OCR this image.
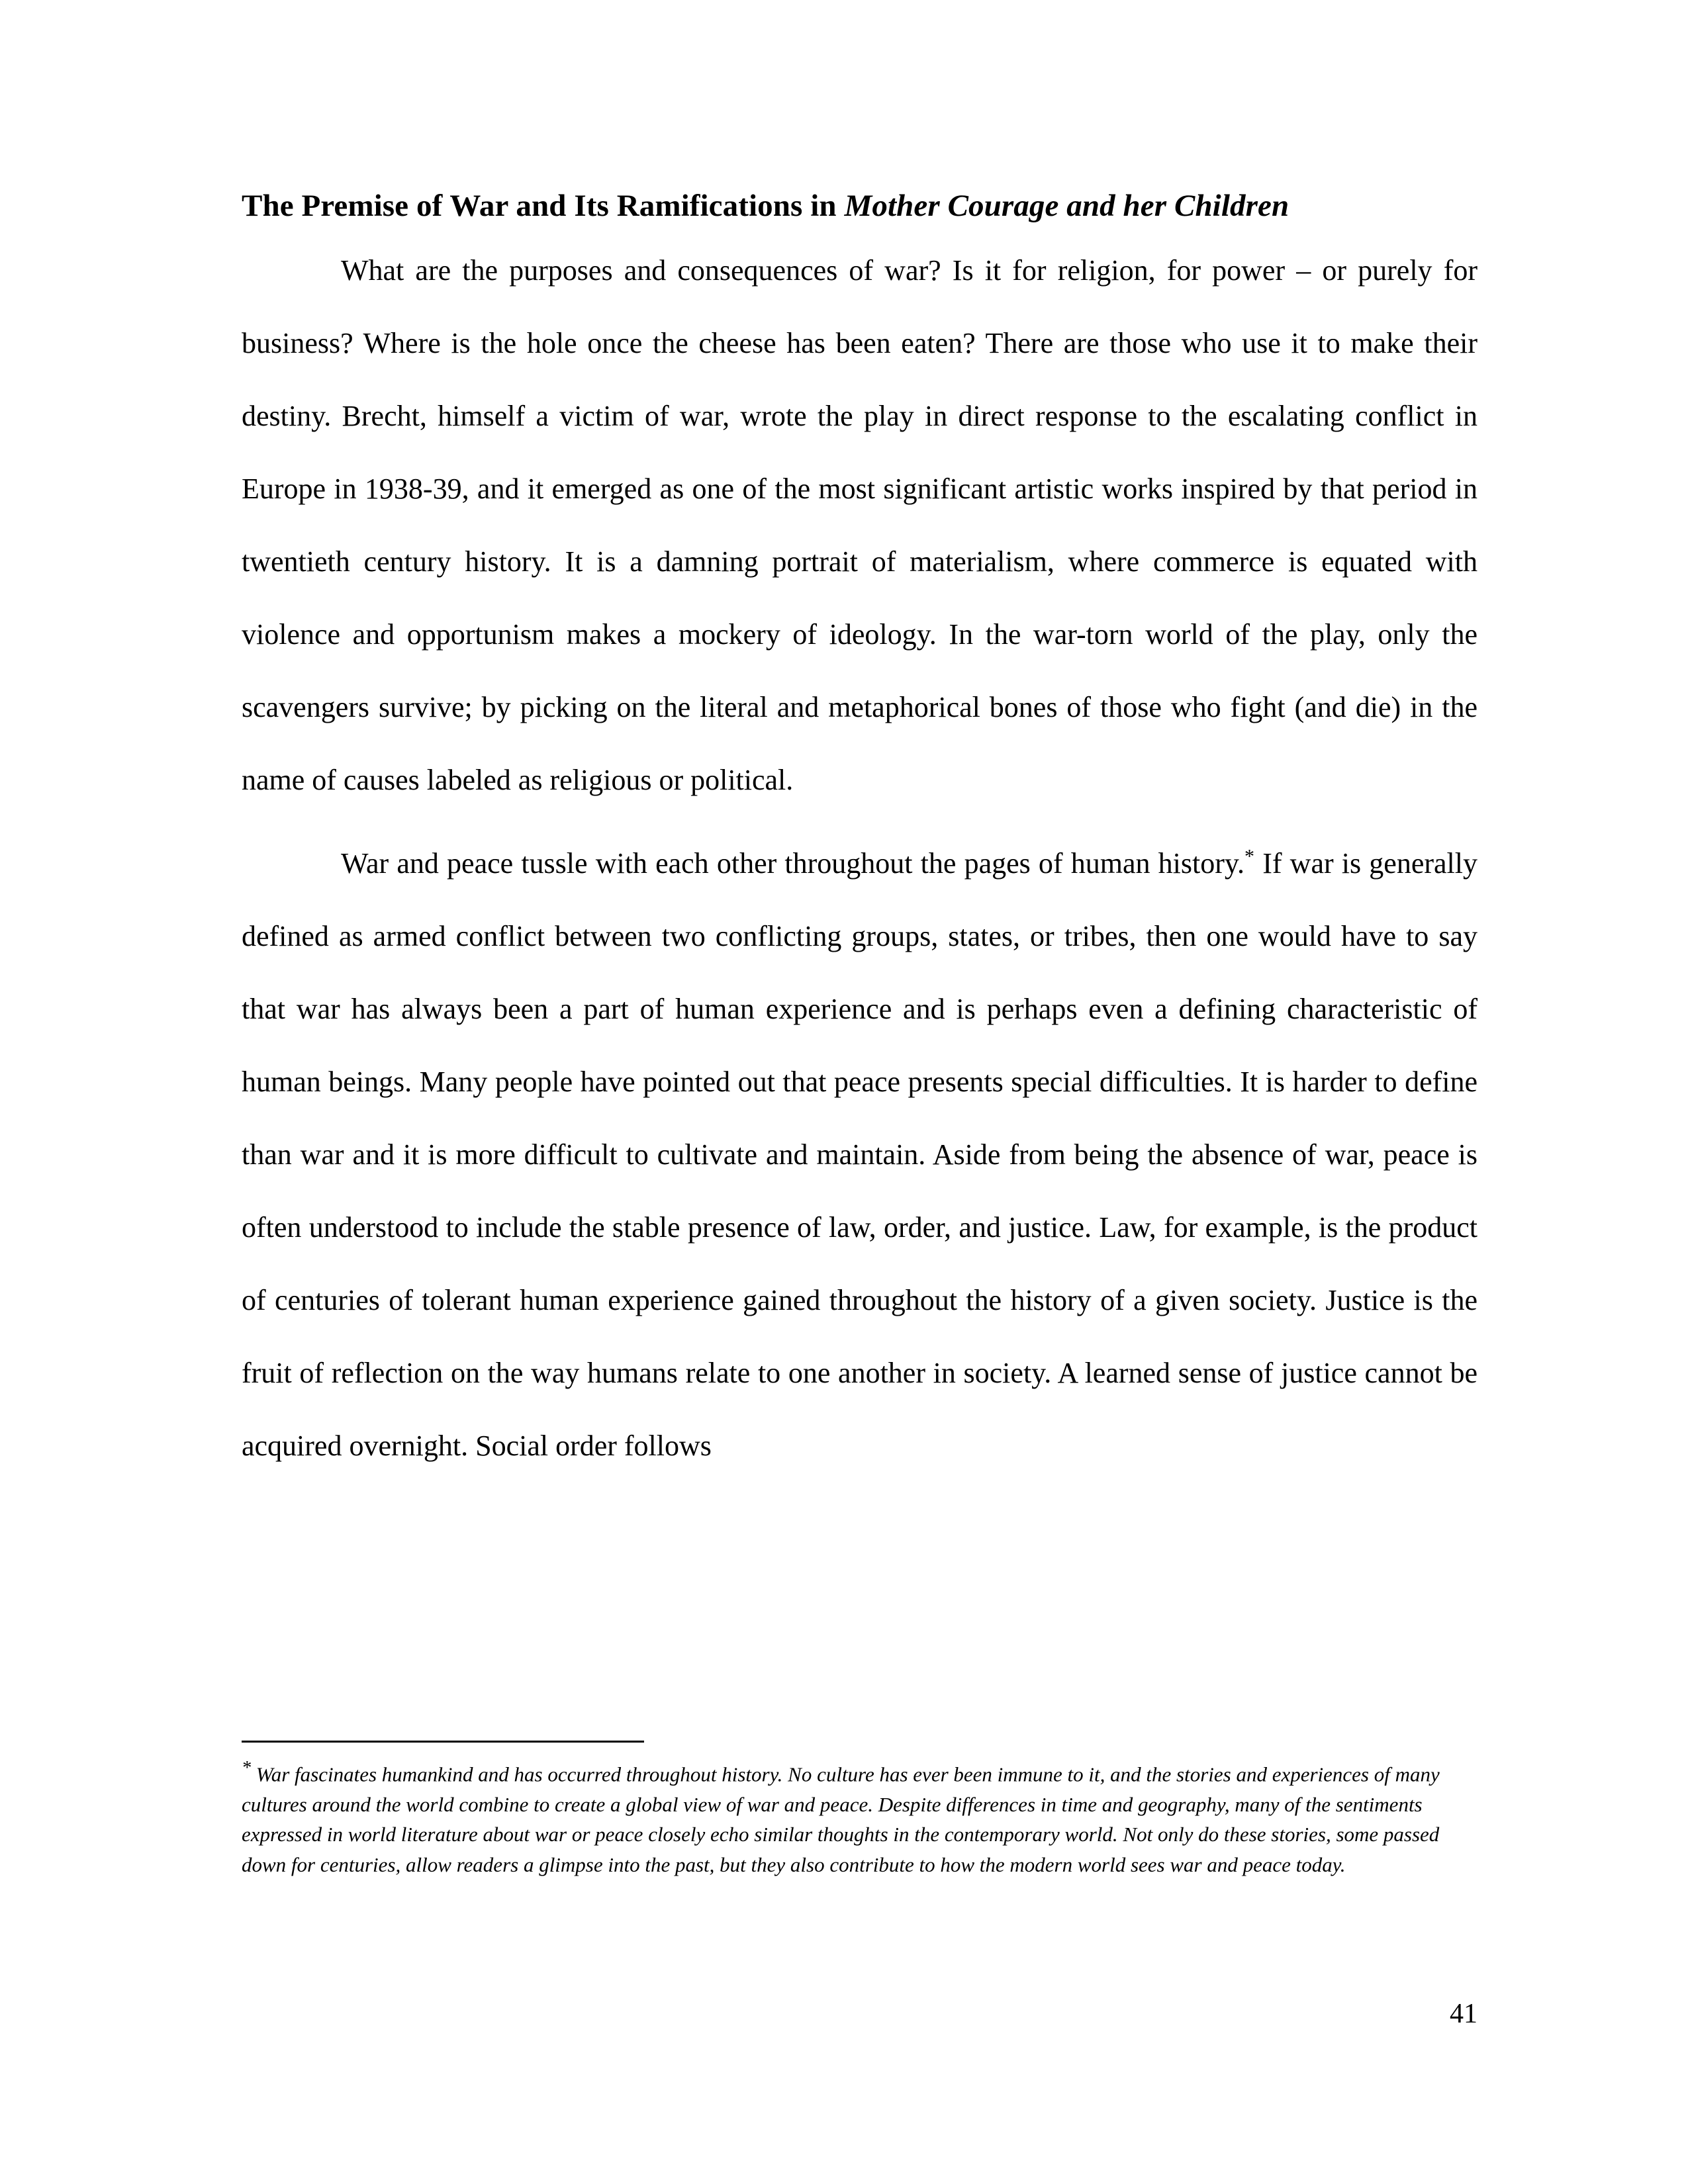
The Premise of War and Its Ramifications in Mother Courage and her Children

What are the purposes and consequences of war? Is it for religion, for power – or purely for business? Where is the hole once the cheese has been eaten? There are those who use it to make their destiny. Brecht, himself a victim of war, wrote the play in direct response to the escalating conflict in Europe in 1938-39, and it emerged as one of the most significant artistic works inspired by that period in twentieth century history. It is a damning portrait of materialism, where commerce is equated with violence and opportunism makes a mockery of ideology. In the war-torn world of the play, only the scavengers survive; by picking on the literal and metaphorical bones of those who fight (and die) in the name of causes labeled as religious or political.

War and peace tussle with each other throughout the pages of human history.* If war is generally defined as armed conflict between two conflicting groups, states, or tribes, then one would have to say that war has always been a part of human experience and is perhaps even a defining characteristic of human beings. Many people have pointed out that peace presents special difficulties. It is harder to define than war and it is more difficult to cultivate and maintain. Aside from being the absence of war, peace is often understood to include the stable presence of law, order, and justice. Law, for example, is the product of centuries of tolerant human experience gained throughout the history of a given society. Justice is the fruit of reflection on the way humans relate to one another in society. A learned sense of justice cannot be acquired overnight. Social order follows

* War fascinates humankind and has occurred throughout history. No culture has ever been immune to it, and the stories and experiences of many cultures around the world combine to create a global view of war and peace. Despite differences in time and geography, many of the sentiments expressed in world literature about war or peace closely echo similar thoughts in the contemporary world. Not only do these stories, some passed down for centuries, allow readers a glimpse into the past, but they also contribute to how the modern world sees war and peace today.

41
